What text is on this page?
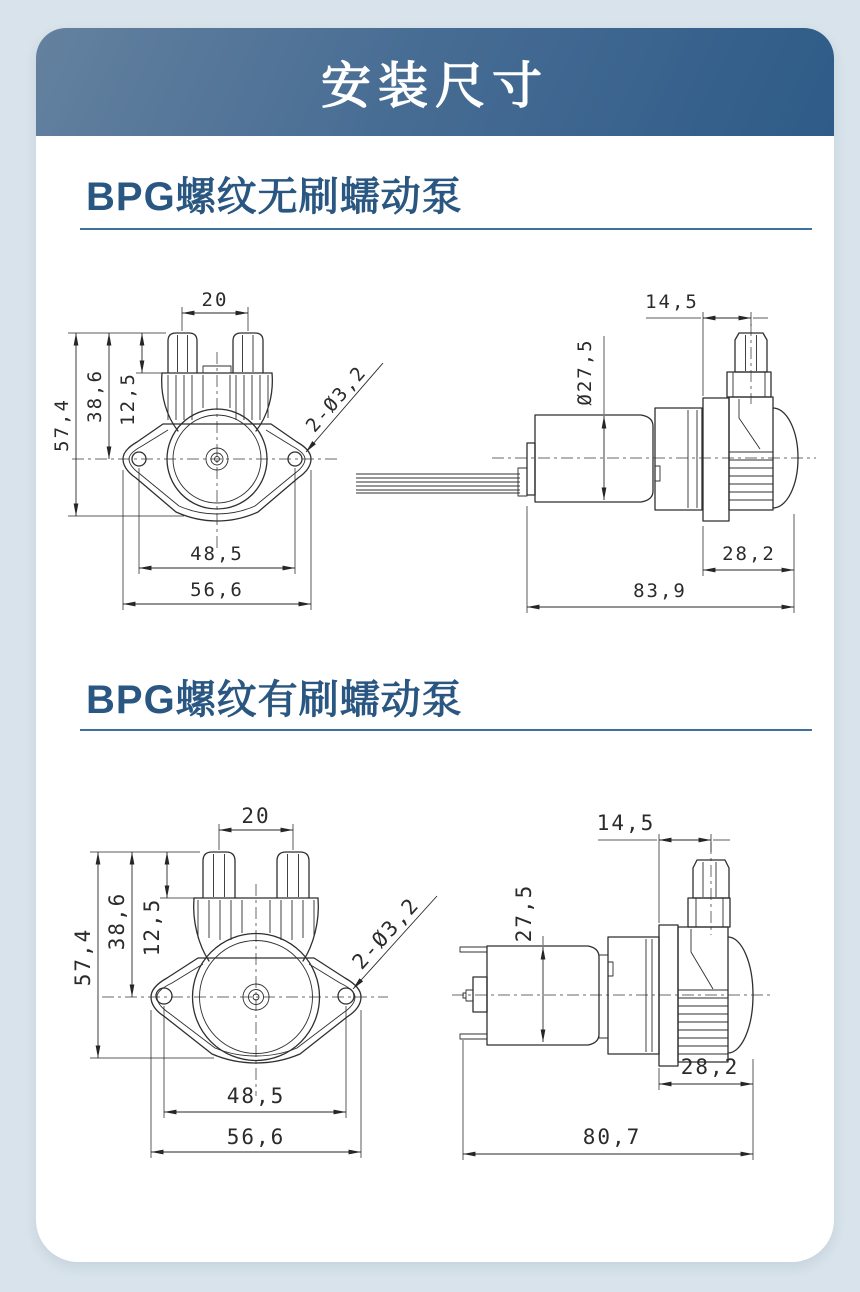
安装尺寸
BPG螺纹无刷蠕动泵
BPG螺纹有刷蠕动泵
20
57,4
38,6 12,5	2-Ø3,2
48,5
56,6
14,5
Ø27,5
28,2
83,9
20
57,4
38,6 12,5	2-Ø3,2
48,5
56,6
14,5
27,5
28,2
80,7
